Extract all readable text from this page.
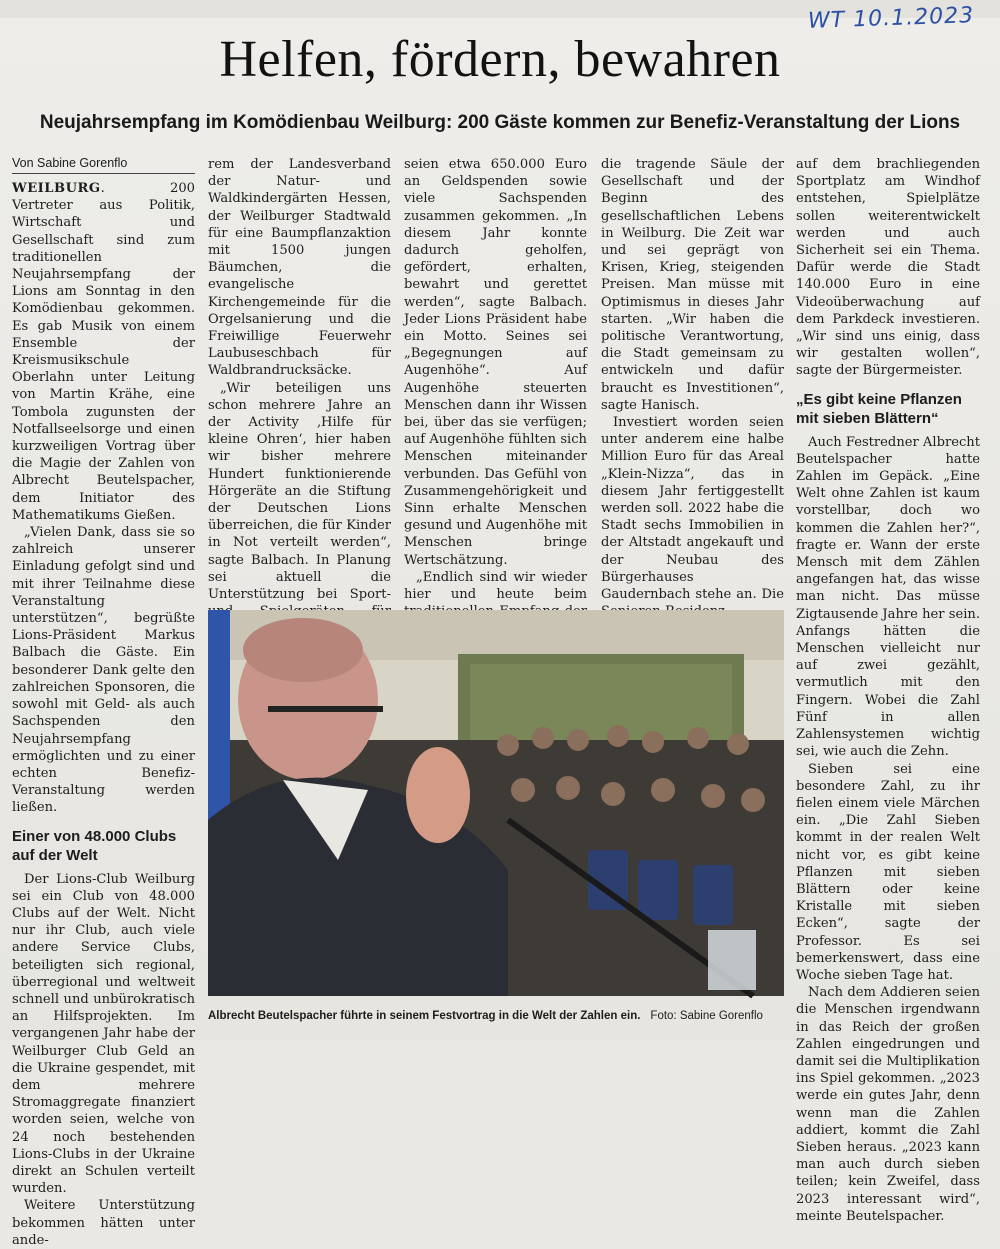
WT 10.1.2023
Helfen, fördern, bewahren
Neujahrsempfang im Komödienbau Weilburg: 200 Gäste kommen zur Benefiz-Veranstaltung der Lions
Von Sabine Gorenflo

WEILBURG. 200 Vertreter aus Politik, Wirtschaft und Gesellschaft sind zum traditionellen Neujahrsempfang der Lions am Sonntag in den Komödienbau gekommen. Es gab Musik von einem Ensemble der Kreismusikschule Oberlahn unter Leitung von Martin Krähe, eine Tombola zugunsten der Notfallseelsorge und einen kurzweiligen Vortrag über die Magie der Zahlen von Albrecht Beutelspacher, dem Initiator des Mathematikums Gießen.

„Vielen Dank, dass sie so zahlreich unserer Einladung gefolgt sind und mit ihrer Teilnahme diese Veranstaltung unterstützen“, begrüßte Lions-Präsident Markus Balbach die Gäste. Ein besonderer Dank gelte den zahlreichen Sponsoren, die sowohl mit Geld- als auch Sachspenden den Neujahrsempfang ermöglichten und zu einer echten Benefiz-Veranstaltung werden ließen.

Einer von 48.000 Clubs auf der Welt

Der Lions-Club Weilburg sei ein Club von 48.000 Clubs auf der Welt. Nicht nur ihr Club, auch viele andere Service Clubs, beteiligten sich regional, überregional und weltweit schnell und unbürokratisch an Hilfsprojekten. Im vergangenen Jahr habe der Weilburger Club Geld an die Ukraine gespendet, mit dem mehrere Stromaggregate finanziert worden seien, welche von 24 noch bestehenden Lions-Clubs in der Ukraine direkt an Schulen verteilt wurden.

Weitere Unterstützung bekommen hätten unter ande-

rem der Landesverband der Natur- und Waldkindergärten Hessen, der Weilburger Stadtwald für eine Baumpflanzaktion mit 1500 jungen Bäumchen, die evangelische Kirchengemeinde für die Orgelsanierung und die Freiwillige Feuerwehr Laubuseschbach für Waldbrandrucksäcke.

„Wir beteiligen uns schon mehrere Jahre an der Activity ‚Hilfe für kleine Ohren‘, hier haben wir bisher mehrere Hundert funktionierende Hörgeräte an die Stiftung der Deutschen Lions überreichen, die für Kinder in Not verteilt werden“, sagte Balbach. In Planung sei aktuell die Unterstützung bei Sport-

seien etwa 650.000 Euro an Geldspenden sowie viele Sachspenden zusammen gekommen. „In diesem Jahr konnte dadurch geholfen, gefördert, erhalten, bewahrt und gerettet werden“, sagte Balbach. Jeder Lions Präsident habe ein Motto. Seines sei „Begegnungen auf Augenhöhe“. Auf Augenhöhe steuerten Menschen dann ihr Wissen bei, über das sie verfügen; auf Augenhöhe fühlten sich Menschen miteinander verbunden. Das Gefühl von Zusammengehörigkeit und Sinn erhalte Menschen gesund und Augenhöhe mit Menschen bringe Wertschätzung.

„Endlich sind wir wieder hier und heute beim

die tragende Säule der Gesellschaft und der Beginn des gesellschaftlichen Lebens in Weilburg. Die Zeit war und sei geprägt von Krisen, Krieg, steigenden Preisen. Man müsse mit Optimismus in dieses Jahr starten. „Wir haben die politische Verantwortung, die Stadt gemeinsam zu entwickeln und dafür braucht es Investitionen“, sagte Hanisch.

Investiert worden seien unter anderem eine halbe Million Euro für das Areal „Klein-Nizza“, das in diesem Jahr fertiggestellt werden soll. 2022 habe die Stadt sechs Immobilien in der Altstadt angekauft und der Neubau des Bürgerhauses Gaudernbach stehe an. Die

auf dem brachliegenden Sportplatz am Windhof entstehen, Spielplätze sollen weiterentwickelt werden und auch Sicherheit sei ein Thema. Dafür werde die Stadt 140.000 Euro in eine Videoüberwachung auf dem Parkdeck investieren. „Wir sind uns einig, dass wir gestalten wollen“, sagte der Bürgermeister.

„Es gibt keine Pflanzen mit sieben Blättern“

Auch Festredner Albrecht Beutelspacher hatte Zahlen im Gepäck. „Eine Welt ohne Zahlen ist kaum vorstellbar, doch wo kommen die Zahlen her?“, fragte er. Wann der erste Mensch mit dem Zählen angefangen hat, das wisse man nicht. Das müsse Zigtausende Jahre her sein. Anfangs hätten die Menschen vielleicht nur auf zwei gezählt, vermutlich mit den Fingern. Wobei die Zahl Fünf in allen Zahlensystemen wichtig sei, wie auch die Zehn.

Sieben sei eine besondere Zahl, zu ihr fielen einem viele Märchen ein. „Die Zahl Sieben kommt in der realen Welt nicht vor, es gibt keine Pflanzen mit sieben Blättern oder keine Kristalle mit sieben Ecken“, sagte der Professor. Es sei bemerkenswert, dass eine Woche sieben Tage hat.

Nach dem Addieren seien die Menschen irgendwann in das Reich der großen Zahlen eingedrungen und damit sei die Multiplikation ins Spiel gekommen. „2023 werde ein gutes Jahr, denn wenn man die Zahlen addiert, kommt die Zahl Sieben heraus. „2023 kann man auch durch sieben teilen; kein Zweifel, dass 2023 interessant wird“, meinte Beutelspacher.

Albrecht Beutelspacher führte in seinem Festvortrag in die Welt der Zahlen ein. Foto: Sabine Gorenflo
